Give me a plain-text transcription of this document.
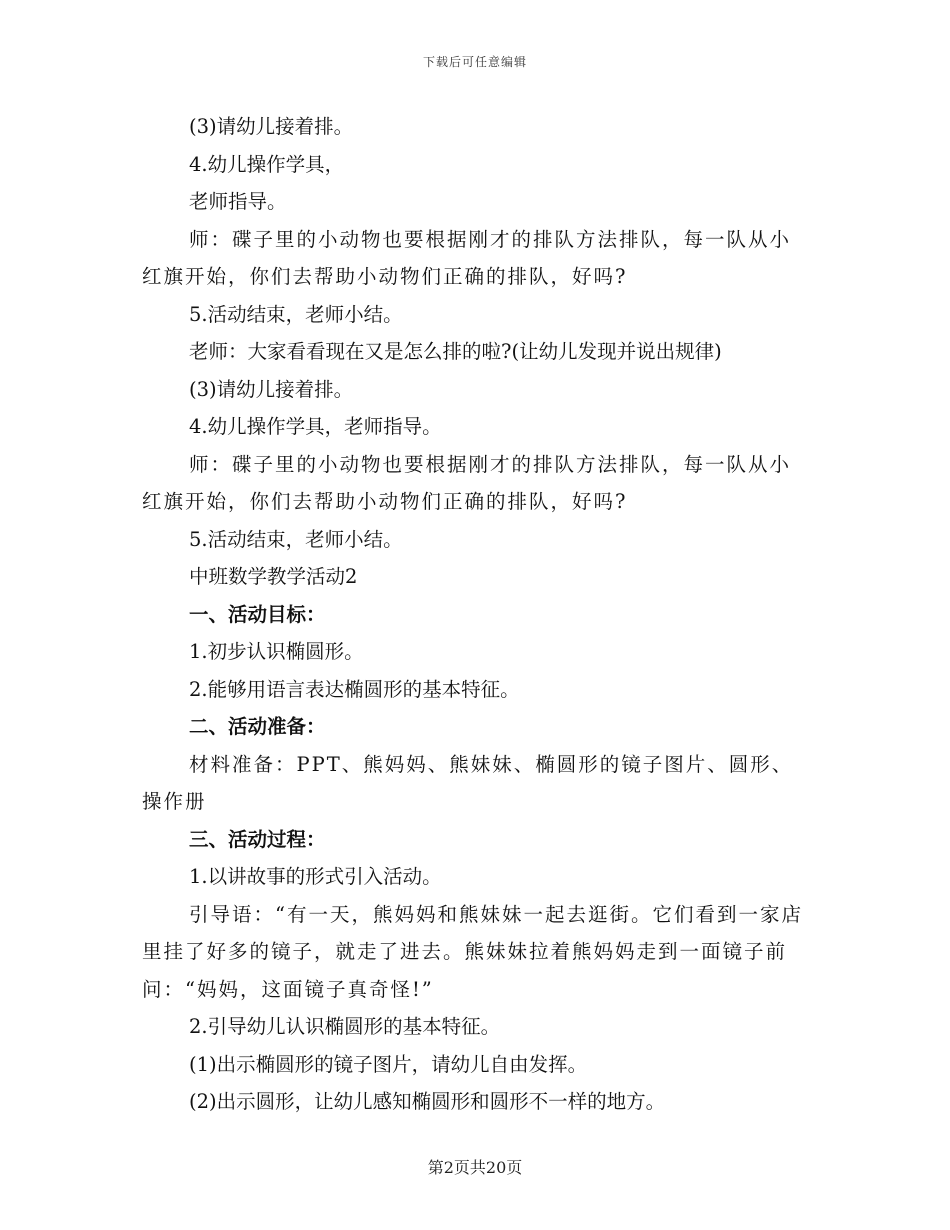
下载后可任意编辑

(3)请幼儿接着排。

4.幼儿操作学具，

老师指导。

师：碟子里的小动物也要根据刚才的排队方法排队，每一队从小红旗开始，你们去帮助小动物们正确的排队，好吗?

5.活动结束，老师小结。

老师：大家看看现在又是怎么排的啦?(让幼儿发现并说出规律)

(3)请幼儿接着排。

4.幼儿操作学具，老师指导。

师：碟子里的小动物也要根据刚才的排队方法排队，每一队从小红旗开始，你们去帮助小动物们正确的排队，好吗?

5.活动结束，老师小结。

中班数学教学活动2

一、活动目标：

1.初步认识椭圆形。

2.能够用语言表达椭圆形的基本特征。

二、活动准备：

材料准备：PPT、熊妈妈、熊妹妹、椭圆形的镜子图片、圆形、操作册

三、活动过程：

1.以讲故事的形式引入活动。

引导语：“有一天，熊妈妈和熊妹妹一起去逛街。它们看到一家店里挂了好多的镜子，就走了进去。熊妹妹拉着熊妈妈走到一面镜子前问：“妈妈，这面镜子真奇怪!”

2.引导幼儿认识椭圆形的基本特征。

(1)出示椭圆形的镜子图片，请幼儿自由发挥。

(2)出示圆形，让幼儿感知椭圆形和圆形不一样的地方。

第2页共20页
